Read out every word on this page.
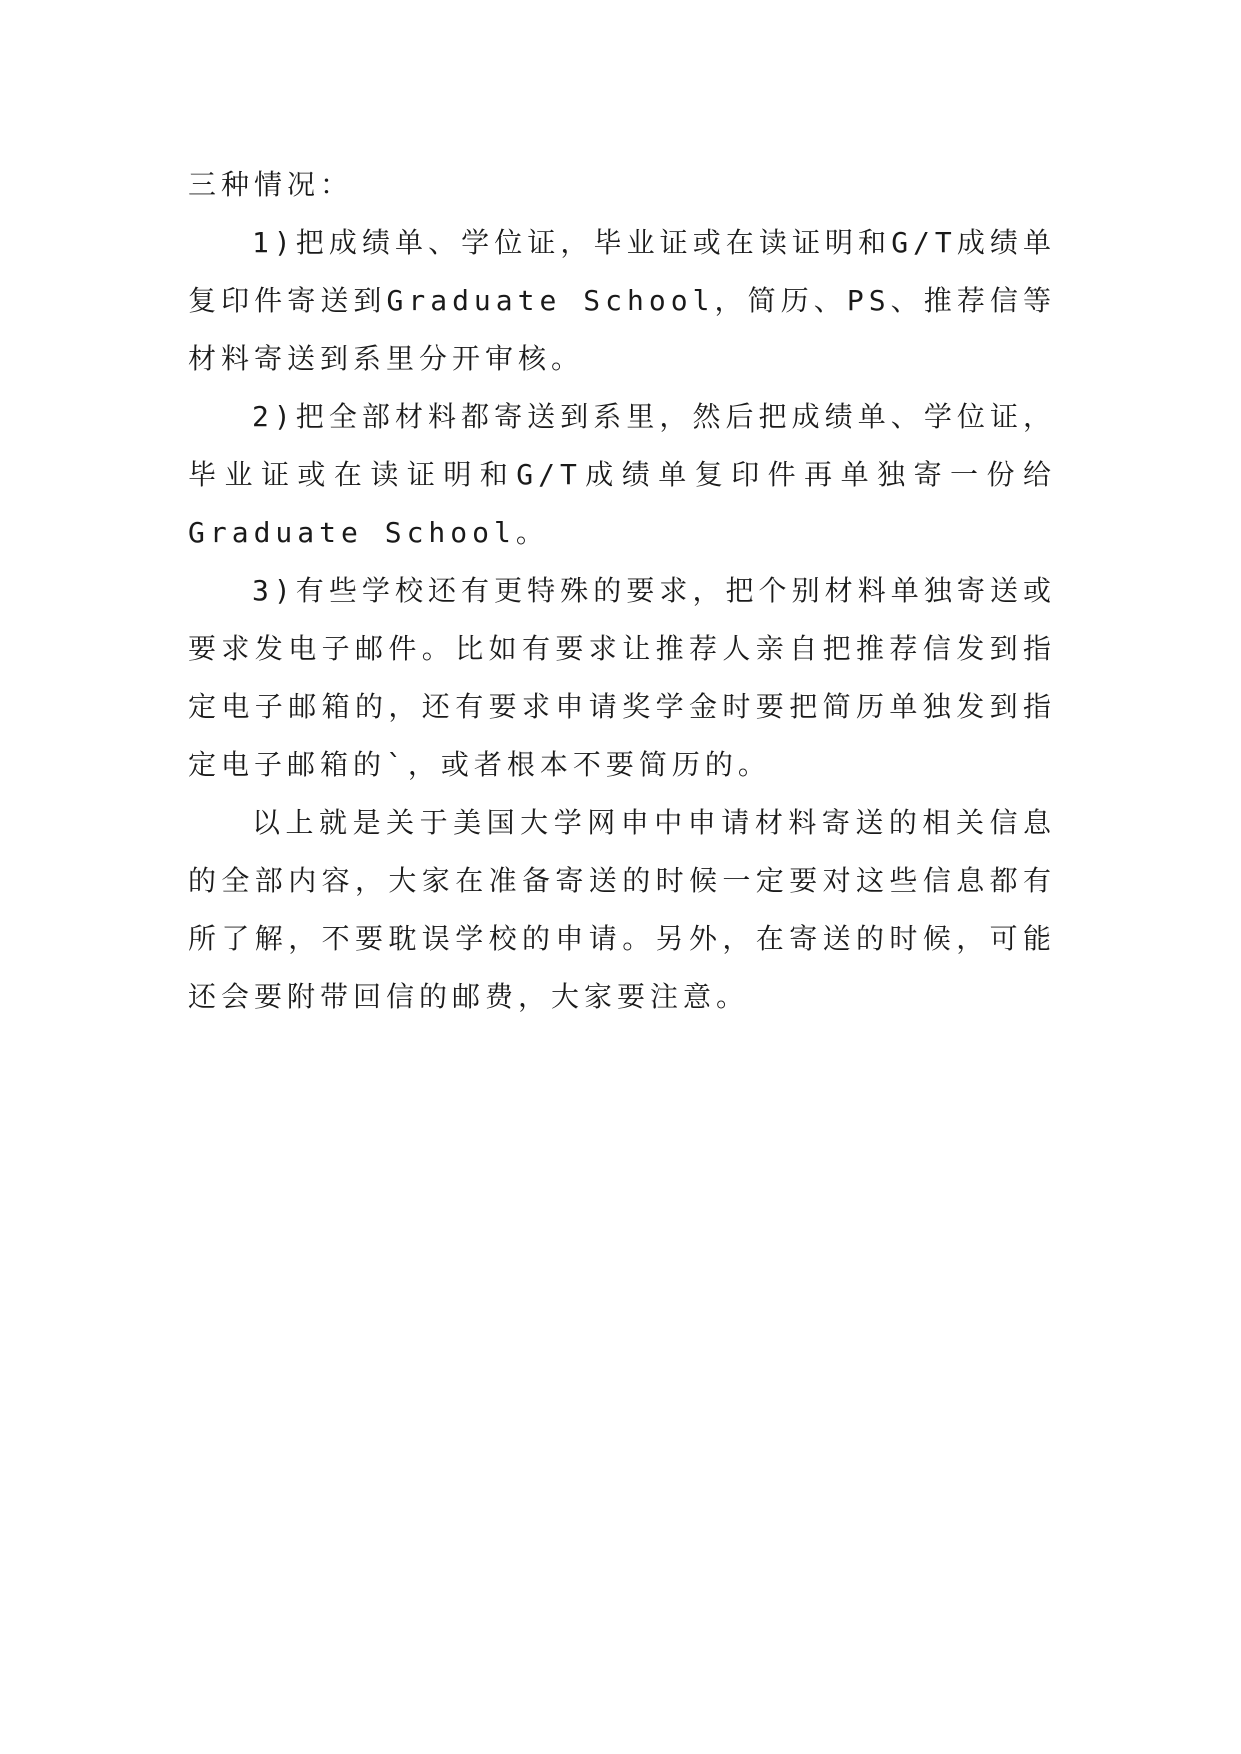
三种情况：

1)把成绩单、学位证，毕业证或在读证明和G/T成绩单复印件寄送到Graduate School，简历、PS、推荐信等材料寄送到系里分开审核。

2)把全部材料都寄送到系里，然后把成绩单、学位证，毕业证或在读证明和G/T成绩单复印件再单独寄一份给Graduate School。

3)有些学校还有更特殊的要求，把个别材料单独寄送或要求发电子邮件。比如有要求让推荐人亲自把推荐信发到指定电子邮箱的，还有要求申请奖学金时要把简历单独发到指定电子邮箱的`，或者根本不要简历的。

以上就是关于美国大学网申中申请材料寄送的相关信息的全部内容，大家在准备寄送的时候一定要对这些信息都有所了解，不要耽误学校的申请。另外，在寄送的时候，可能还会要附带回信的邮费，大家要注意。
